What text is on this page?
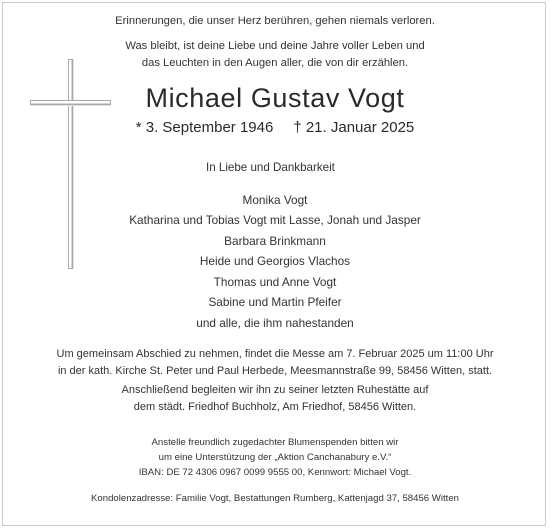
Erinnerungen, die unser Herz berühren, gehen niemals verloren.
Was bleibt, ist deine Liebe und deine Jahre voller Leben und
das Leuchten in den Augen aller, die von dir erzählen.
Michael Gustav Vogt
* 3. September 1946 † 21. Januar 2025
In Liebe und Dankbarkeit
Monika Vogt
Katharina und Tobias Vogt mit Lasse, Jonah und Jasper
Barbara Brinkmann
Heide und Georgios Vlachos
Thomas und Anne Vogt
Sabine und Martin Pfeifer
und alle, die ihm nahestanden
Um gemeinsam Abschied zu nehmen, findet die Messe am 7. Februar 2025 um 11:00 Uhr
in der kath. Kirche St. Peter und Paul Herbede, Meesmannstraße 99, 58456 Witten, statt.
Anschließend begleiten wir ihn zu seiner letzten Ruhestätte auf
dem städt. Friedhof Buchholz, Am Friedhof, 58456 Witten.
Anstelle freundlich zugedachter Blumenspenden bitten wir
um eine Unterstützung der „Aktion Canchanabury e.V.“
IBAN: DE 72 4306 0967 0099 9555 00, Kennwort: Michael Vogt.
Kondolenzadresse: Familie Vogt, Bestattungen Rumberg, Kattenjagd 37, 58456 Witten
